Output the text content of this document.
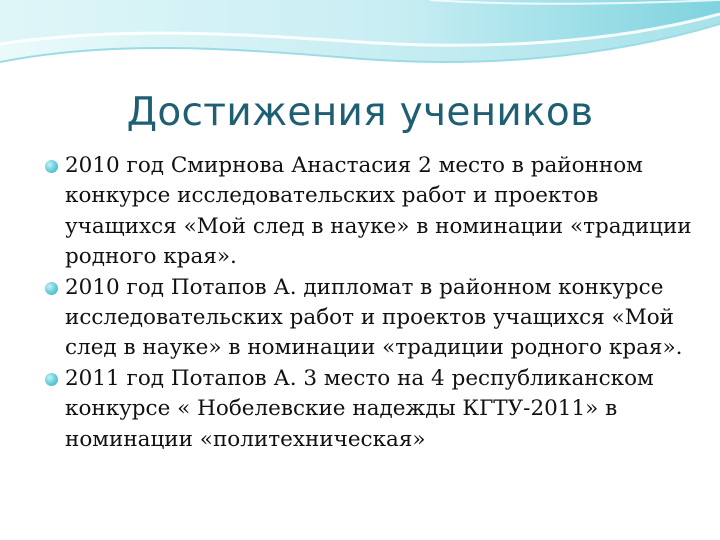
Достижения учеников
2010 год Смирнова Анастасия 2 место в районном конкурсе исследовательских работ и проектов учащихся «Мой след в науке» в номинации «традиции родного края».
2010 год Потапов А. дипломат в районном конкурсе исследовательских работ и проектов учащихся «Мой след в науке» в номинации «традиции родного края».
2011 год Потапов А. 3 место на 4 республиканском конкурсе « Нобелевские надежды КГТУ-2011» в номинации «политехническая»
